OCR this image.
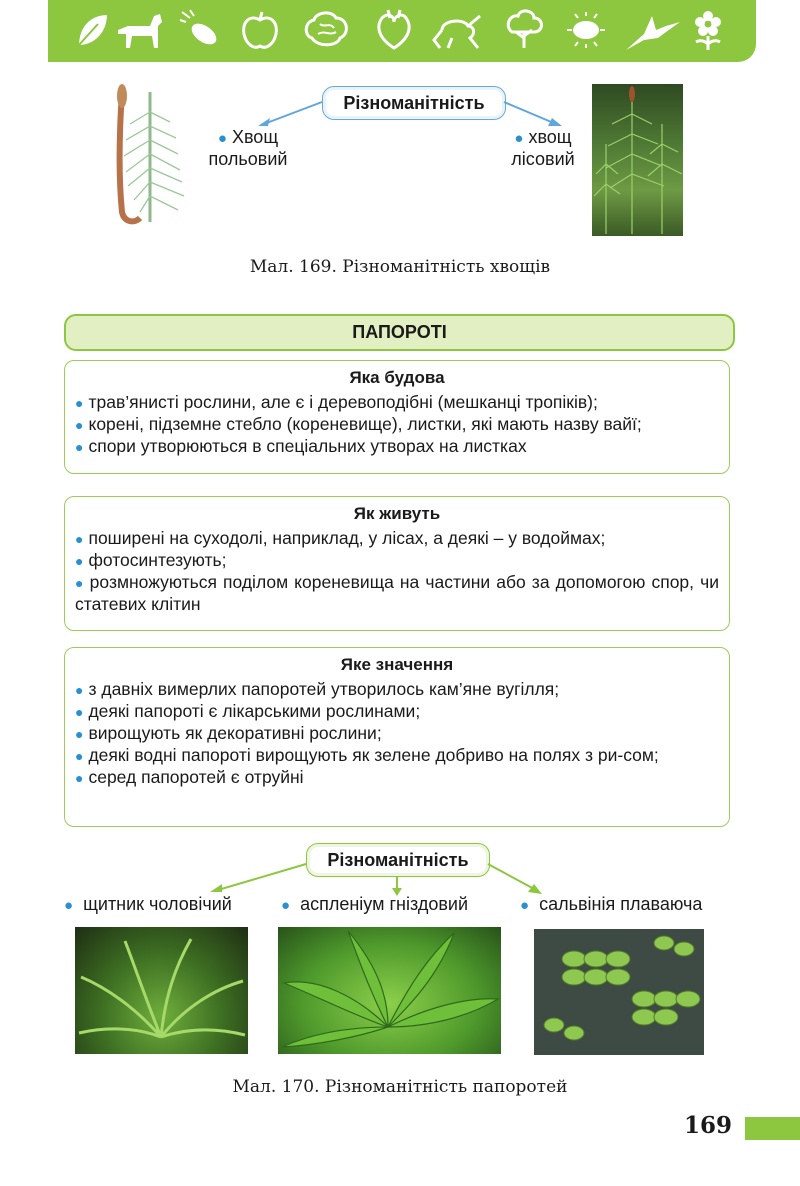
Різноманітність
● Хвощ
польовий
● хвощ
лісовий
Мал. 169. Різноманітність хвощів
ПАПОРОТІ
Яка будова
● трав’янисті рослини, але є і деревоподібні (мешканці тропіків);
● корені, підземне стебло (кореневище), листки, які мають назву вайї;
● спори утворюються в спеціальних утворах на листках
Як живуть
● поширені на суходолі, наприклад, у лісах, а деякі – у водоймах;
● фотосинтезують;
● розмножуються поділом кореневища на частини або за допомогою спор, чи статевих клітин
Яке значення
● з давніх вимерлих папоротей утворилось кам’яне вугілля;
● деякі папороті є лікарськими рослинами;
● вирощують як декоративні рослини;
● деякі водні папороті вирощують як зелене добриво на полях з ри-сом;
● серед папоротей є отруйні
Різноманітність
● щитник чоловічий	● аспленіум гніздовий	● сальвінія плаваюча
Мал. 170. Різноманітність папоротей
169
